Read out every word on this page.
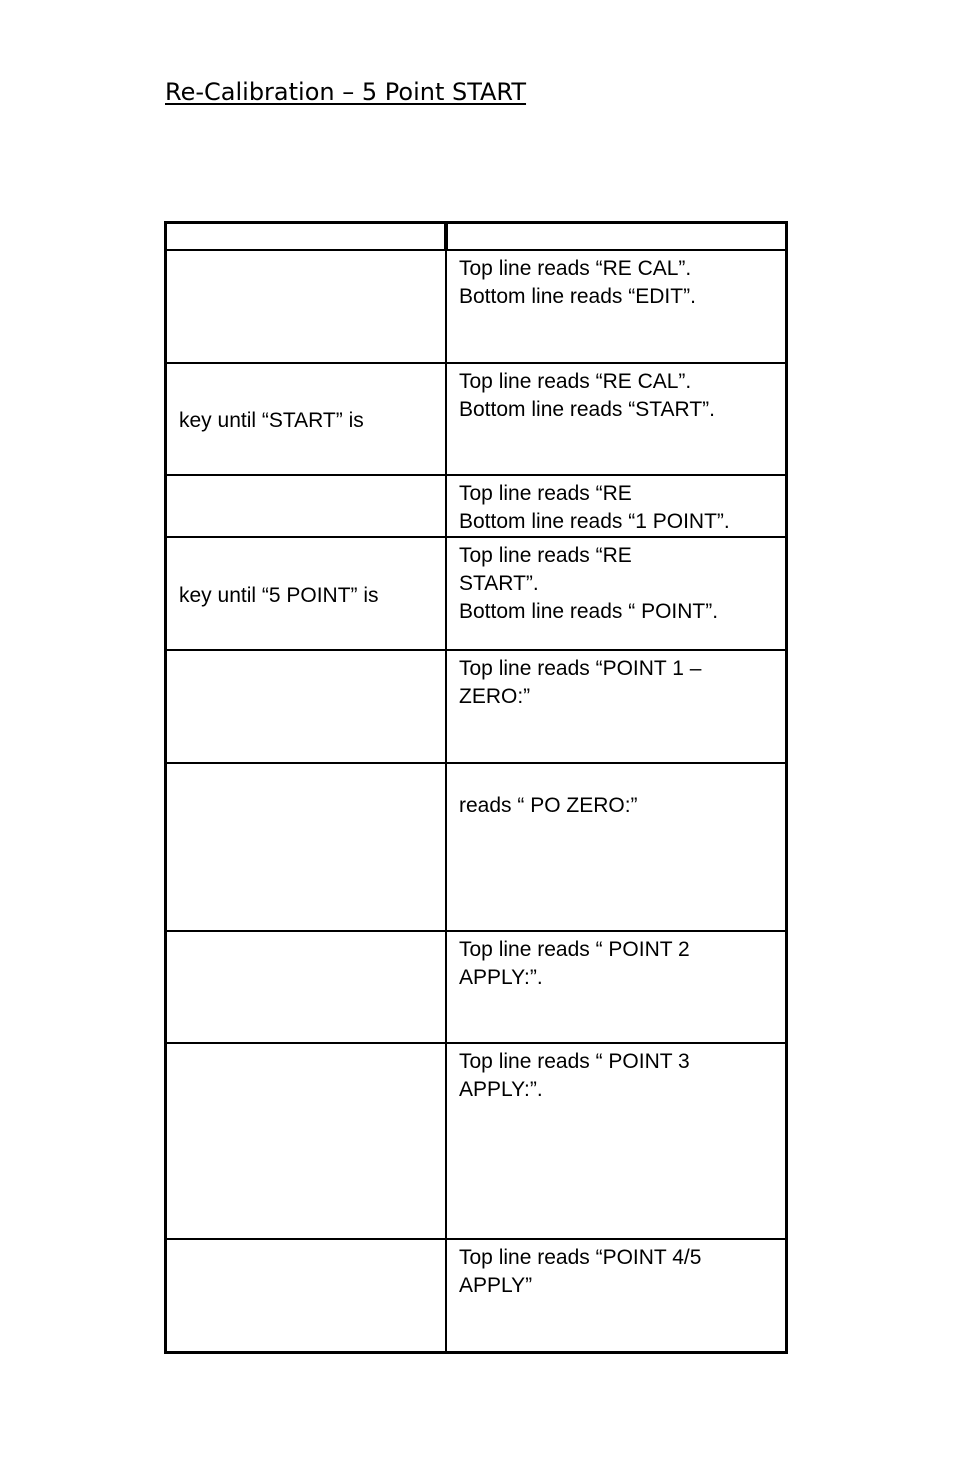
Re-Calibration – 5 Point START

	Top line reads “RE CAL”.
Bottom line reads “EDIT”.
key until “START” is	Top line reads “RE CAL”.
Bottom line reads “START”.
	Top line reads “RE
Bottom line reads “1 POINT”.
key until “5 POINT” is	Top line reads “RE
START”.
Bottom line reads “ POINT”.
	Top line reads “POINT 1 –
ZERO:”
	reads “ PO ZERO:”
	Top line reads “ POINT 2
APPLY:”.
	Top line reads “ POINT 3
APPLY:”.
	Top line reads “POINT 4/5
APPLY”
